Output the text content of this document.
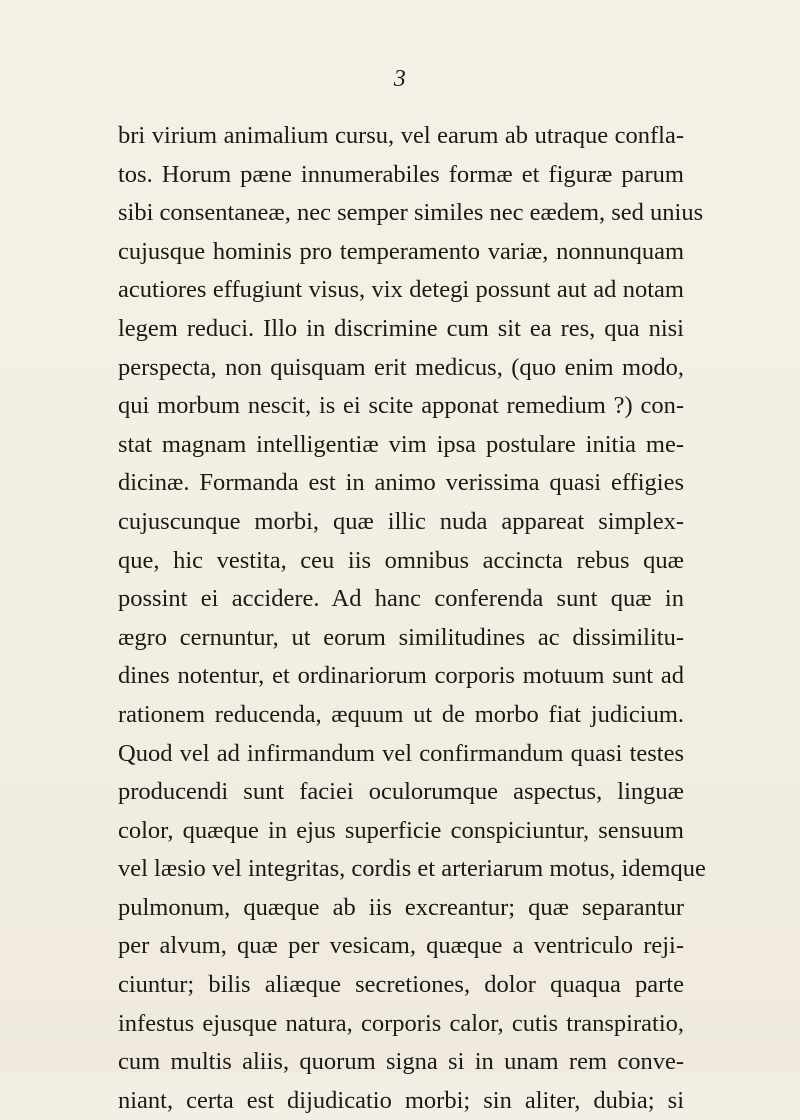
3
bri virium animalium cursu, vel earum ab utraque confla-
tos. Horum pæne innumerabiles formæ et figuræ parum
sibi consentaneæ, nec semper similes nec eædem, sed unius
cujusque hominis pro temperamento variæ, nonnunquam
acutiores effugiunt visus, vix detegi possunt aut ad notam
legem reduci. Illo in discrimine cum sit ea res, qua nisi
perspecta, non quisquam erit medicus, (quo enim modo,
qui morbum nescit, is ei scite apponat remedium ?) con-
stat magnam intelligentiæ vim ipsa postulare initia me-
dicinæ. Formanda est in animo verissima quasi effigies
cujuscunque morbi, quæ illic nuda appareat simplex-
que, hic vestita, ceu iis omnibus accincta rebus quæ
possint ei accidere. Ad hanc conferenda sunt quæ in
ægro cernuntur, ut eorum similitudines ac dissimilitu-
dines notentur, et ordinariorum corporis motuum sunt ad
rationem reducenda, æquum ut de morbo fiat judicium.
Quod vel ad infirmandum vel confirmandum quasi testes
producendi sunt faciei oculorumque aspectus, linguæ
color, quæque in ejus superficie conspiciuntur, sensuum
vel læsio vel integritas, cordis et arteriarum motus, idemque
pulmonum, quæque ab iis excreantur; quæ separantur
per alvum, quæ per vesicam, quæque a ventriculo reji-
ciuntur; bilis aliæque secretiones, dolor quaqua parte
infestus ejusque natura, corporis calor, cutis transpiratio,
cum multis aliis, quorum signa si in unam rem conve-
niant, certa est dijudicatio morbi; sin aliter, dubia; si
